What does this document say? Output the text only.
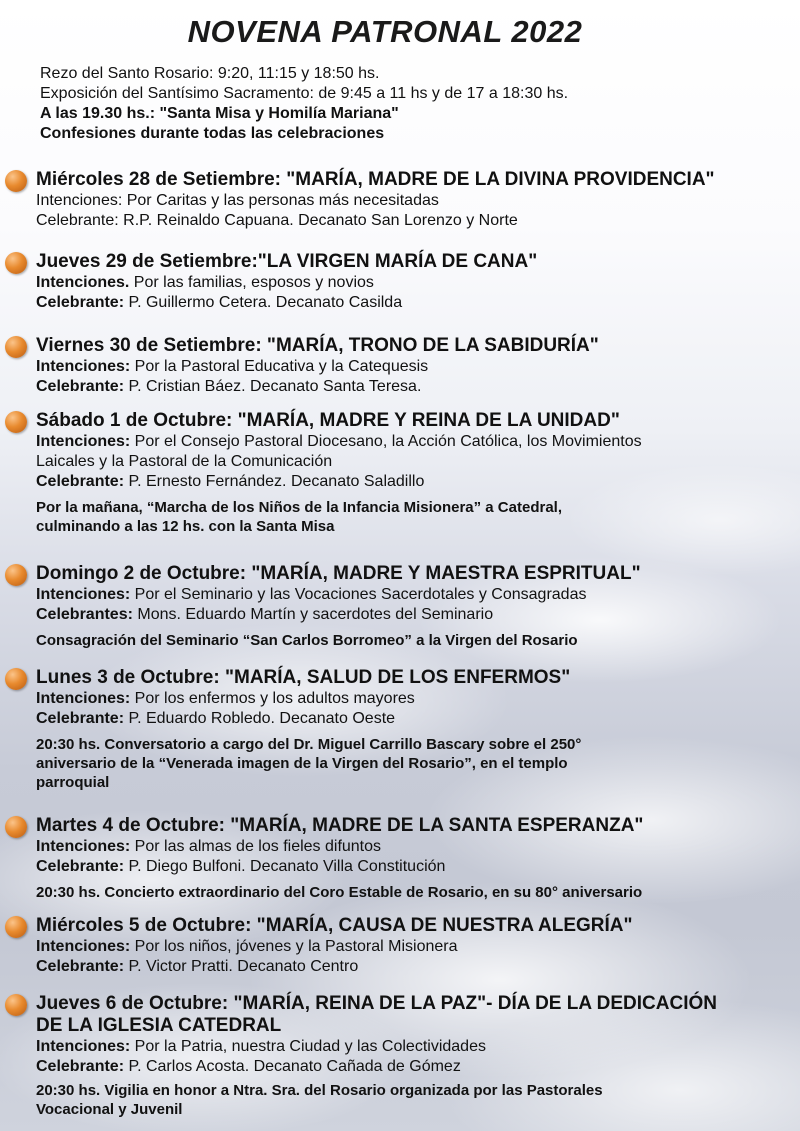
NOVENA PATRONAL 2022
Rezo del Santo Rosario: 9:20, 11:15 y 18:50 hs.
Exposición del Santísimo Sacramento: de 9:45 a 11 hs y de 17 a 18:30 hs.
A las 19.30 hs.: "Santa Misa y Homilía Mariana"
Confesiones durante todas las celebraciones
Miércoles 28 de Setiembre: "MARÍA, MADRE DE LA DIVINA PROVIDENCIA"
Intenciones: Por Caritas y las personas más necesitadas
Celebrante: R.P. Reinaldo Capuana. Decanato San Lorenzo y Norte
Jueves 29 de Setiembre:"LA VIRGEN MARÍA DE CANA"
Intenciones. Por las familias, esposos y novios
Celebrante: P. Guillermo Cetera. Decanato Casilda
Viernes 30 de Setiembre: "MARÍA, TRONO DE LA SABIDURÍA"
Intenciones: Por la Pastoral Educativa y la Catequesis
Celebrante: P. Cristian Báez. Decanato Santa Teresa.
Sábado 1 de Octubre: "MARÍA, MADRE Y REINA DE LA UNIDAD"
Intenciones: Por el Consejo Pastoral Diocesano, la Acción Católica, los Movimientos
Laicales y la Pastoral de la Comunicación
Celebrante: P. Ernesto Fernández. Decanato Saladillo
Por la mañana, “Marcha de los Niños de la Infancia Misionera” a Catedral,
culminando a las 12 hs. con la Santa Misa
Domingo 2 de Octubre: "MARÍA, MADRE Y MAESTRA ESPRITUAL"
Intenciones: Por el Seminario y las Vocaciones Sacerdotales y Consagradas
Celebrantes: Mons. Eduardo Martín y sacerdotes del Seminario
Consagración del Seminario “San Carlos Borromeo” a la Virgen del Rosario
Lunes 3 de Octubre: "MARÍA, SALUD DE LOS ENFERMOS"
Intenciones: Por los enfermos y los adultos mayores
Celebrante: P. Eduardo Robledo. Decanato Oeste
20:30 hs. Conversatorio a cargo del Dr. Miguel Carrillo Bascary sobre el 250°
aniversario de la “Venerada imagen de la Virgen del Rosario”, en el templo
parroquial
Martes 4 de Octubre: "MARÍA, MADRE DE LA SANTA ESPERANZA"
Intenciones: Por las almas de los fieles difuntos
Celebrante: P. Diego Bulfoni. Decanato Villa Constitución
20:30 hs. Concierto extraordinario del Coro Estable de Rosario, en su 80° aniversario
Miércoles 5 de Octubre: "MARÍA, CAUSA DE NUESTRA ALEGRÍA"
Intenciones: Por los niños, jóvenes y la Pastoral Misionera
Celebrante: P. Victor Pratti. Decanato Centro
Jueves 6 de Octubre: "MARÍA, REINA DE LA PAZ"- DÍA DE LA DEDICACIÓN
DE LA IGLESIA CATEDRAL
Intenciones: Por la Patria, nuestra Ciudad y las Colectividades
Celebrante: P. Carlos Acosta. Decanato Cañada de Gómez
20:30 hs. Vigilia en honor a Ntra. Sra. del Rosario organizada por las Pastorales
Vocacional y Juvenil
